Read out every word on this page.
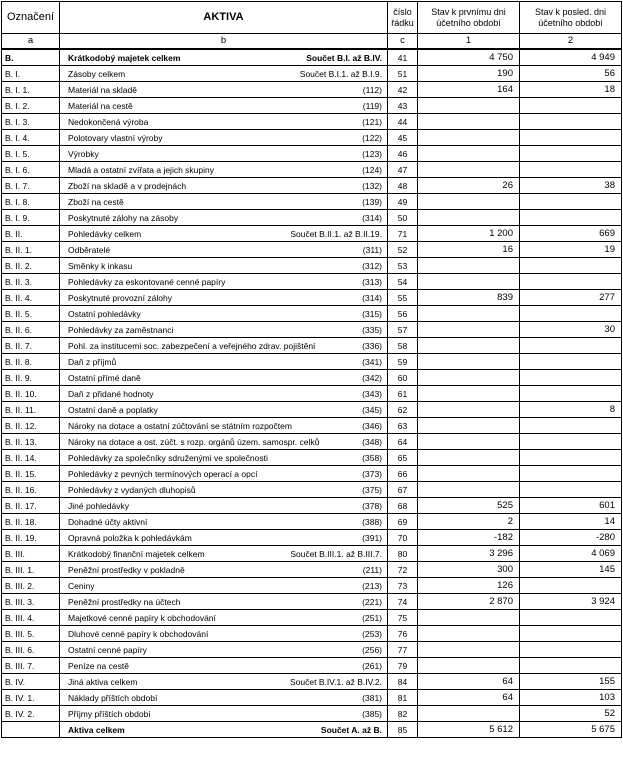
Označení	AKTIVA	číslo řádku	Stav k prvnímu dni účetního období	Stav k posled. dni účetního období
a	b	c	1	2
B.	Krátkodobý majetek celkem Součet B.I. až B.IV.	41	4 750	4 949
B. I.	Zásoby celkem Součet B.I.1. až B.I.9.	51	190	56
B. I. 1.	Materiál na skladě (112)	42	164	18
B. I. 2.	Materiál na cestě (119)	43		
B. I. 3.	Nedokončená výroba (121)	44		
B. I. 4.	Polotovary vlastní výroby (122)	45		
B. I. 5.	Výrobky (123)	46		
B. I. 6.	Mladá a ostatní zvířata a jejich skupiny (124)	47		
B. I. 7.	Zboží na skladě a v prodejnách (132)	48	26	38
B. I. 8.	Zboží na cestě (139)	49		
B. I. 9.	Poskytnuté zálohy na zásoby (314)	50		
B. II.	Pohledávky celkem Součet B.II.1. až B.II.19.	71	1 200	669
B. II. 1.	Odběratelé (311)	52	16	19
B. II. 2.	Směnky k inkasu (312)	53		
B. II. 3.	Pohledávky za eskontované cenné papíry (313)	54		
B. II. 4.	Poskytnuté provozní zálohy (314)	55	839	277
B. II. 5.	Ostatní pohledávky (315)	56		
B. II. 6.	Pohledávky za zaměstnanci (335)	57		30
B. II. 7.	Pohl. za institucemi soc. zabezpečení a veřejného zdrav. pojištění (336)	58		
B. II. 8.	Daň z příjmů (341)	59		
B. II. 9.	Ostatní přímé daně (342)	60		
B. II. 10.	Daň z přidané hodnoty (343)	61		
B. II. 11.	Ostatní daně a poplatky (345)	62		8
B. II. 12.	Nároky na dotace a ostatní zúčtování se státním rozpočtem (346)	63		
B. II. 13.	Nároky na dotace a ost. zúčt. s rozp. orgánů územ. samospr. celků (348)	64		
B. II. 14.	Pohledávky za společníky sdruženými ve společnosti (358)	65		
B. II. 15.	Pohledávky z pevných termínových operací a opcí (373)	66		
B. II. 16.	Pohledávky z vydaných dluhopisů (375)	67		
B. II. 17.	Jiné pohledávky (378)	68	525	601
B. II. 18.	Dohadné účty aktivní (388)	69	2	14
B. II. 19.	Opravná položka k pohledávkám (391)	70	-182	-280
B. III.	Krátkodobý finanční majetek celkem Součet B.III.1. až B.III.7.	80	3 296	4 069
B. III. 1.	Peněžní prostředky v pokladně (211)	72	300	145
B. III. 2.	Ceniny (213)	73	126	
B. III. 3.	Peněžní prostředky na účtech (221)	74	2 870	3 924
B. III. 4.	Majetkové cenné papíry k obchodování (251)	75		
B. III. 5.	Dluhové cenné papíry k obchodování (253)	76		
B. III. 6.	Ostatní cenné papíry (256)	77		
B. III. 7.	Peníze na cestě (261)	79		
B. IV.	Jiná aktiva celkem Součet B.IV.1. až B.IV.2.	84	64	155
B. IV. 1.	Náklady příštích období (381)	81	64	103
B. IV. 2.	Příjmy příštích období (385)	82		52

	Aktiva celkem Součet A. až B.	85	5 612	5 675
